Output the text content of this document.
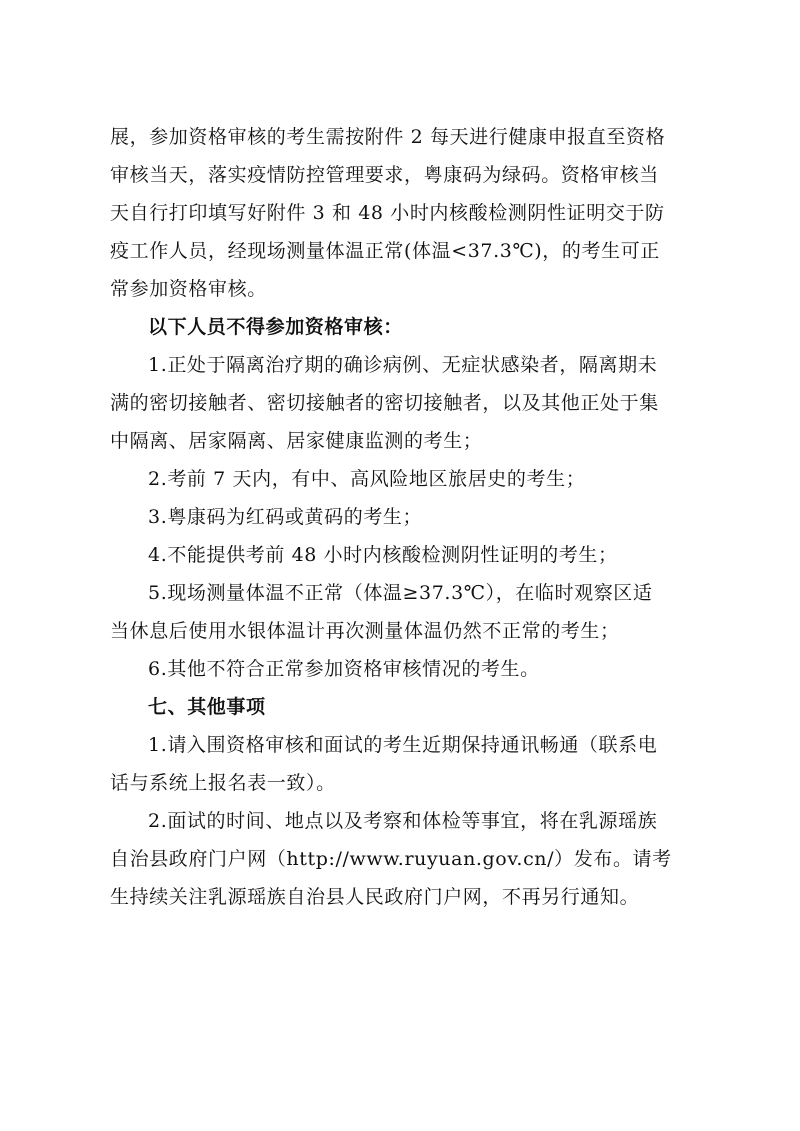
展，参加资格审核的考生需按附件 2 每天进行健康申报直至资格
审核当天，落实疫情防控管理要求，粤康码为绿码。资格审核当
天自行打印填写好附件 3 和 48 小时内核酸检测阴性证明交于防
疫工作人员，经现场测量体温正常(体温<37.3℃)，的考生可正
常参加资格审核。
以下人员不得参加资格审核：
1.正处于隔离治疗期的确诊病例、无症状感染者，隔离期未
满的密切接触者、密切接触者的密切接触者，以及其他正处于集
中隔离、居家隔离、居家健康监测的考生；
2.考前 7 天内，有中、高风险地区旅居史的考生；
3.粤康码为红码或黄码的考生；
4.不能提供考前 48 小时内核酸检测阴性证明的考生；
5.现场测量体温不正常（体温≥37.3℃），在临时观察区适
当休息后使用水银体温计再次测量体温仍然不正常的考生；
6.其他不符合正常参加资格审核情况的考生。
七、其他事项
1.请入围资格审核和面试的考生近期保持通讯畅通（联系电
话与系统上报名表一致）。
2.面试的时间、地点以及考察和体检等事宜，将在乳源瑶族
自治县政府门户网（http://www.ruyuan.gov.cn/）发布。请考
生持续关注乳源瑶族自治县人民政府门户网，不再另行通知。
